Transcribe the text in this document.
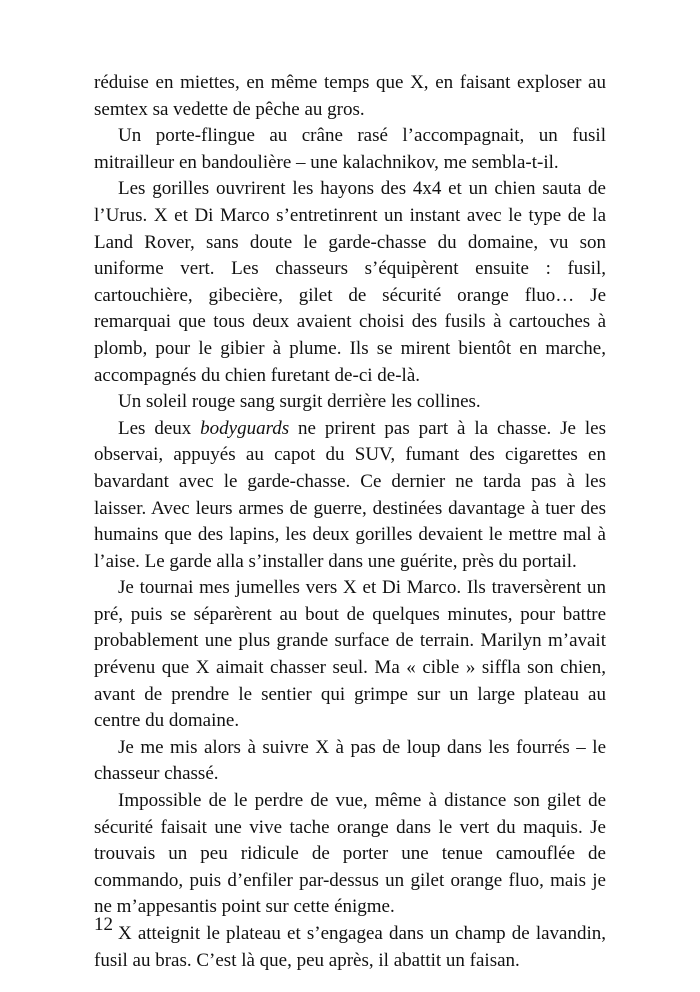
réduise en miettes, en même temps que X, en faisant exploser au semtex sa vedette de pêche au gros.

Un porte-flingue au crâne rasé l’accompagnait, un fusil mitrailleur en bandoulière – une kalachnikov, me sembla-t-il.

Les gorilles ouvrirent les hayons des 4x4 et un chien sauta de l’Urus. X et Di Marco s’entretinrent un instant avec le type de la Land Rover, sans doute le garde-chasse du domaine, vu son uniforme vert. Les chasseurs s’équipèrent ensuite : fusil, cartouchière, gibecière, gilet de sécurité orange fluo… Je remarquai que tous deux avaient choisi des fusils à cartouches à plomb, pour le gibier à plume. Ils se mirent bientôt en marche, accompagnés du chien furetant de-ci de-là.

Un soleil rouge sang surgit derrière les collines.

Les deux bodyguards ne prirent pas part à la chasse. Je les observai, appuyés au capot du SUV, fumant des cigarettes en bavardant avec le garde-chasse. Ce dernier ne tarda pas à les laisser. Avec leurs armes de guerre, destinées davantage à tuer des humains que des lapins, les deux gorilles devaient le mettre mal à l’aise. Le garde alla s’installer dans une guérite, près du portail.

Je tournai mes jumelles vers X et Di Marco. Ils traversèrent un pré, puis se séparèrent au bout de quelques minutes, pour battre probablement une plus grande surface de terrain. Marilyn m’avait prévenu que X aimait chasser seul. Ma « cible » siffla son chien, avant de prendre le sentier qui grimpe sur un large plateau au centre du domaine.

Je me mis alors à suivre X à pas de loup dans les fourrés – le chasseur chassé.

Impossible de le perdre de vue, même à distance son gilet de sécurité faisait une vive tache orange dans le vert du maquis. Je trouvais un peu ridicule de porter une tenue camouflée de commando, puis d’enfiler par-dessus un gilet orange fluo, mais je ne m’appesantis point sur cette énigme.

X atteignit le plateau et s’engagea dans un champ de lavandin, fusil au bras. C’est là que, peu après, il abattit un faisan.

12
